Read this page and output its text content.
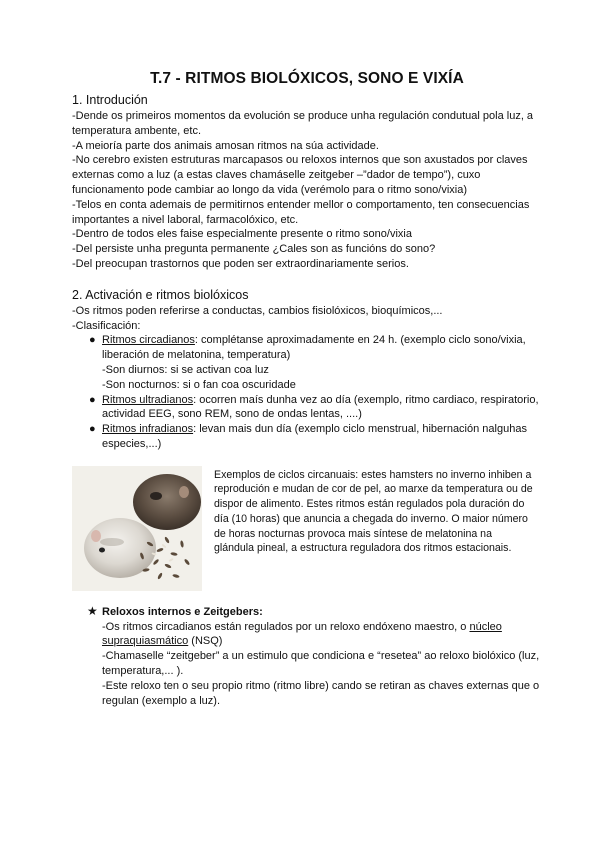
T.7 - RITMOS BIOLÓXICOS, SONO E VIXÍA
1. Introdución

-Dende os primeiros momentos da evolución se produce unha regulación condutual pola luz, a temperatura ambente, etc.

-A meioría parte dos animais amosan ritmos na súa actividade.

-No cerebro existen estruturas marcapasos ou reloxos internos que son axustados por claves externas como a luz (a estas claves chamáselle zeitgeber –”dador de tempo”), cuxo funcionamento pode cambiar ao longo da vida (verémolo para o ritmo sono/vixia)

-Telos en conta ademais de permitirnos entender mellor o comportamento, ten consecuencias importantes a nivel laboral, farmacolóxico, etc.

-Dentro de todos eles faise especialmente presente o ritmo sono/vixia

-Del persiste unha pregunta permanente ¿Cales son as funcións do sono?

-Del preocupan trastornos que poden ser extraordinariamente serios.

2. Activación e ritmos biolóxicos

-Os ritmos poden referirse a conductas, cambios fisiolóxicos, bioquímicos,...

-Clasificación:

● Ritmos circadianos: complétanse aproximadamente en 24 h. (exemplo ciclo sono/vixia, liberación de melatonina, temperatura)
-Son diurnos: si se activan coa luz
-Son nocturnos: si o fan coa oscuridade
● Ritmos ultradianos: ocorren maís dunha vez ao día (exemplo, ritmo cardiaco, respiratorio, actividad EEG, sono REM, sono de ondas lentas, ....)
● Ritmos infradianos: levan mais dun día (exemplo ciclo menstrual, hibernación nalguhas especies,...)
Exemplos de ciclos circanuais: estes hamsters no inverno inhiben a reprodución e mudan de cor de pel, ao marxe da temperatura ou de dispor de alimento. Estes ritmos están regulados pola duración do día (10 horas) que anuncia a chegada do inverno. O maior número de horas nocturnas provoca mais síntese de melatonina na glándula pineal, a estructura reguladora dos ritmos estacionais.
★ Reloxos internos e Zeitgebers:
-Os ritmos circadianos están regulados por un reloxo endóxeno maestro, o núcleo supraquiasmático (NSQ)
-Chamaselle “zeitgeber” a un estimulo que condiciona e “resetea” ao reloxo biolóxico (luz, temperatura,... ).
-Este reloxo ten o seu propio ritmo (ritmo libre) cando se retiran as chaves externas que o regulan (exemplo a luz).
